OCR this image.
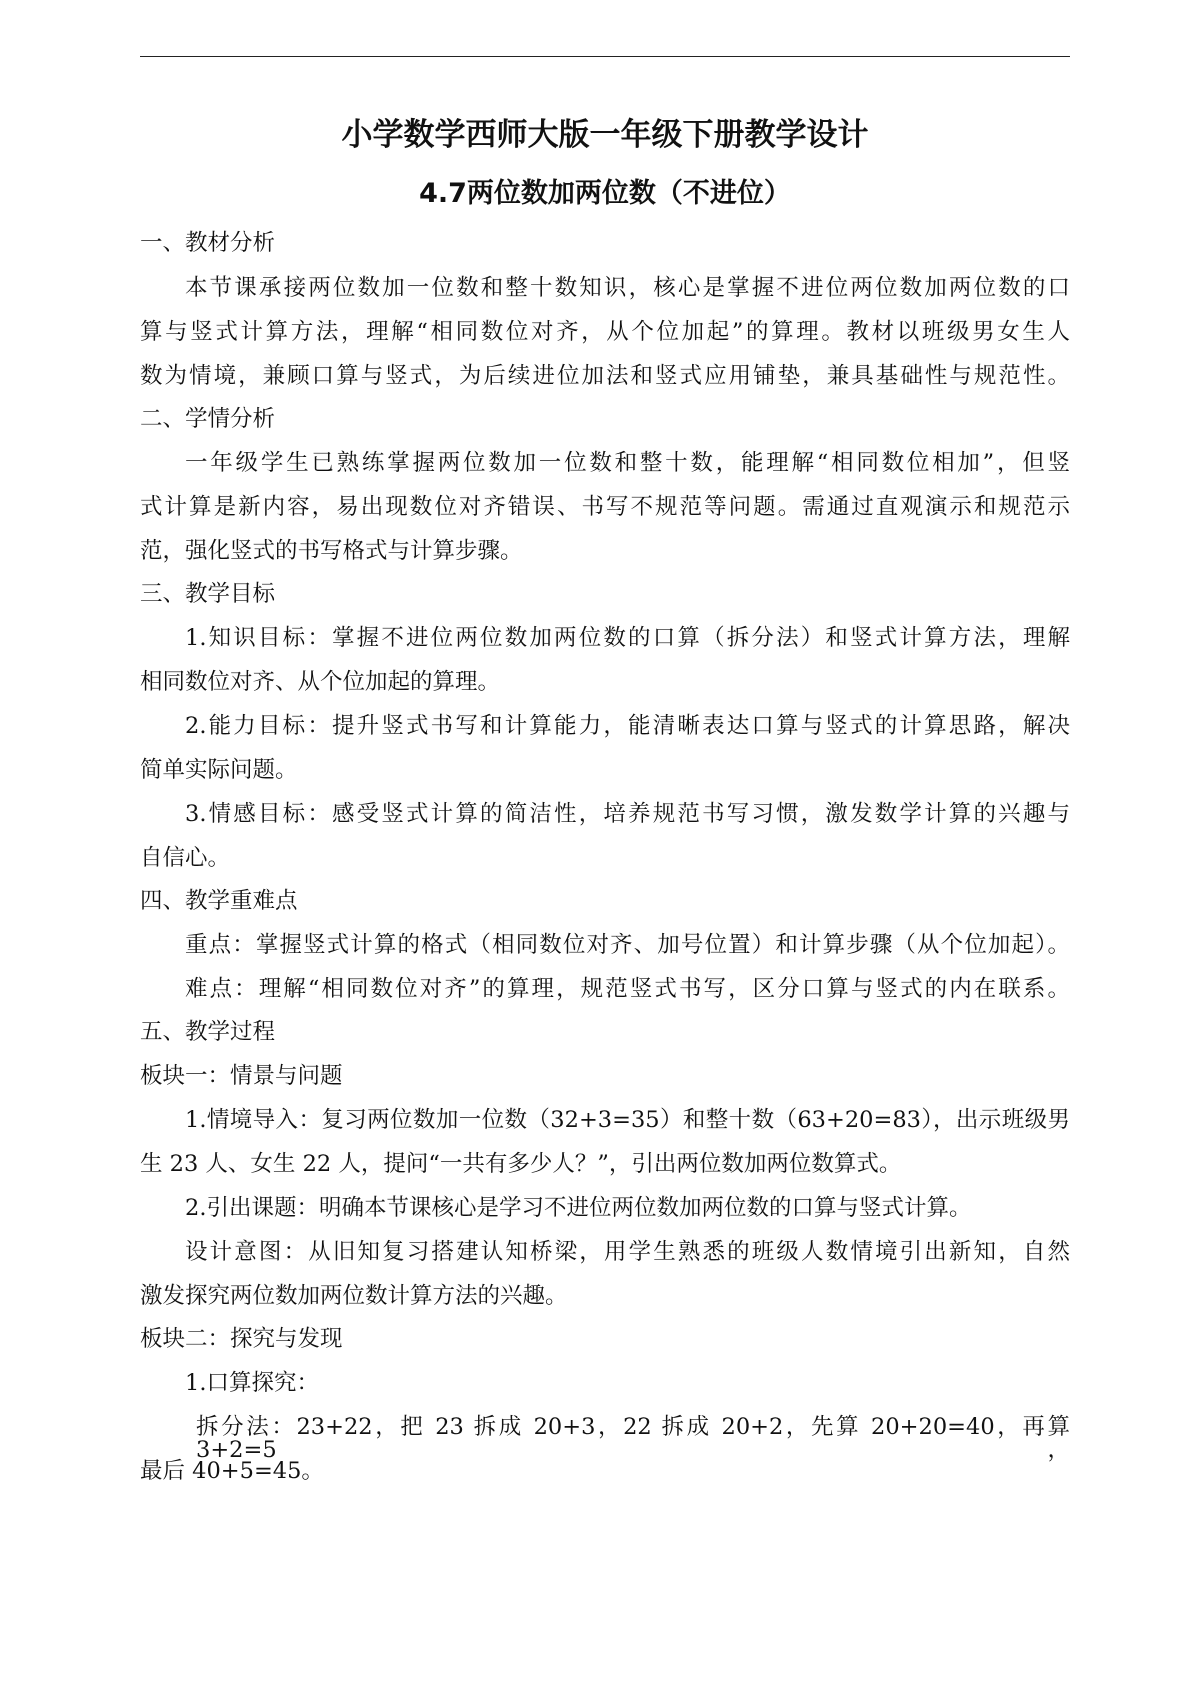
小学数学西师大版一年级下册教学设计
4.7两位数加两位数（不进位）
一、教材分析
本节课承接两位数加一位数和整十数知识，核心是掌握不进位两位数加两位数的口
算与竖式计算方法，理解“相同数位对齐，从个位加起”的算理。教材以班级男女生人
数为情境，兼顾口算与竖式，为后续进位加法和竖式应用铺垫，兼具基础性与规范性。
二、学情分析
一年级学生已熟练掌握两位数加一位数和整十数，能理解“相同数位相加”，但竖
式计算是新内容，易出现数位对齐错误、书写不规范等问题。需通过直观演示和规范示
范，强化竖式的书写格式与计算步骤。
三、教学目标
1.知识目标：掌握不进位两位数加两位数的口算（拆分法）和竖式计算方法，理解
相同数位对齐、从个位加起的算理。
2.能力目标：提升竖式书写和计算能力，能清晰表达口算与竖式的计算思路，解决
简单实际问题。
3.情感目标：感受竖式计算的简洁性，培养规范书写习惯，激发数学计算的兴趣与
自信心。
四、教学重难点
重点：掌握竖式计算的格式（相同数位对齐、加号位置）和计算步骤（从个位加起）。
难点：理解“相同数位对齐”的算理，规范竖式书写，区分口算与竖式的内在联系。
五、教学过程
板块一：情景与问题
1.情境导入：复习两位数加一位数（32+3=35）和整十数（63+20=83），出示班级男
生 23 人、女生 22 人，提问“一共有多少人？”，引出两位数加两位数算式。
2.引出课题：明确本节课核心是学习不进位两位数加两位数的口算与竖式计算。
设计意图：从旧知复习搭建认知桥梁，用学生熟悉的班级人数情境引出新知，自然
激发探究两位数加两位数计算方法的兴趣。
板块二：探究与发现
1.口算探究：
拆分法：23+22，把 23 拆成 20+3，22 拆成 20+2，先算 20+20=40，再算 3+2=5，
最后 40+5=45。
